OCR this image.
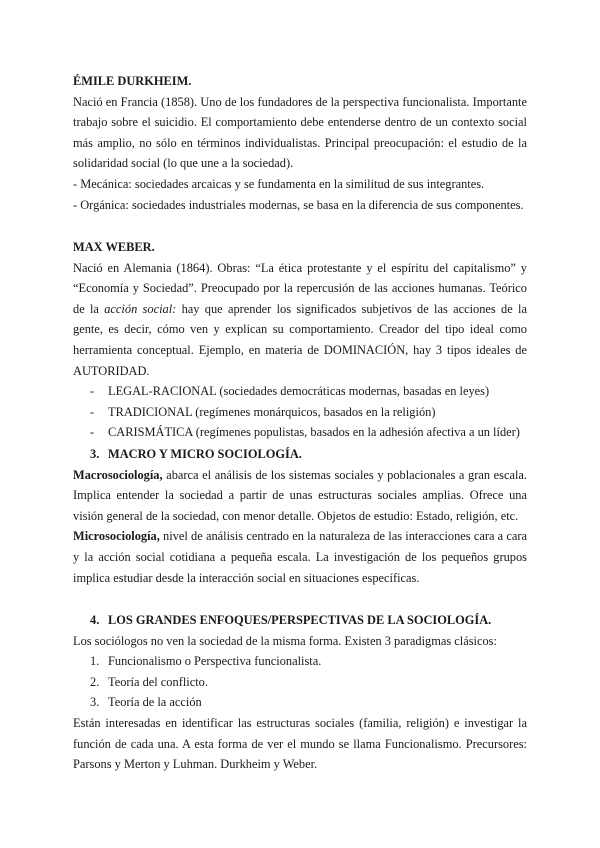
ÉMILE DURKHEIM.

Nació en Francia (1858). Uno de los fundadores de la perspectiva funcionalista. Importante trabajo sobre el suicidio. El comportamiento debe entenderse dentro de un contexto social más amplio, no sólo en términos individualistas. Principal preocupación: el estudio de la solidaridad social (lo que une a la sociedad).

- Mecánica: sociedades arcaicas y se fundamenta en la similitud de sus integrantes.
- Orgánica: sociedades industriales modernas, se basa en la diferencia de sus componentes.
MAX WEBER.

Nació en Alemania (1864). Obras: “La ética protestante y el espíritu del capitalismo” y “Economía y Sociedad”. Preocupado por la repercusión de las acciones humanas. Teórico de la acción social: hay que aprender los significados subjetivos de las acciones de la gente, es decir, cómo ven y explican su comportamiento. Creador del tipo ideal como herramienta conceptual. Ejemplo, en materia de DOMINACIÓN, hay 3 tipos ideales de AUTORIDAD.

- LEGAL-RACIONAL (sociedades democráticas modernas, basadas en leyes)
- TRADICIONAL (regímenes monárquicos, basados en la religión)
- CARISMÁTICA (regímenes populistas, basados en la adhesión afectiva a un líder)
3. MACRO Y MICRO SOCIOLOGÍA.

Macrosociología, abarca el análisis de los sistemas sociales y poblacionales a gran escala. Implica entender la sociedad a partir de unas estructuras sociales amplias. Ofrece una visión general de la sociedad, con menor detalle. Objetos de estudio: Estado, religión, etc.

Microsociología, nivel de análisis centrado en la naturaleza de las interacciones cara a cara y la acción social cotidiana a pequeña escala. La investigación de los pequeños grupos implica estudiar desde la interacción social en situaciones específicas.

4. LOS GRANDES ENFOQUES/PERSPECTIVAS DE LA SOCIOLOGÍA.
Los sociólogos no ven la sociedad de la misma forma. Existen 3 paradigmas clásicos:
1. Funcionalismo o Perspectiva funcionalista.
2. Teoría del conflicto.
3. Teoría de la acción

Están interesadas en identificar las estructuras sociales (familia, religión) e investigar la función de cada una. A esta forma de ver el mundo se llama Funcionalismo. Precursores: Parsons y Merton y Luhman. Durkheim y Weber.
